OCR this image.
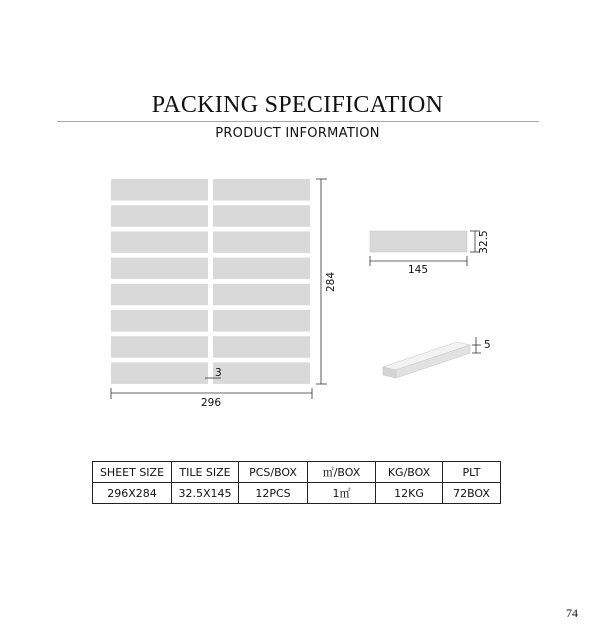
PACKING SPECIFICATION
PRODUCT INFORMATION
284
296
3
32.5
145
5
SHEET SIZE	TILE SIZE	PCS/BOX	㎡/BOX	KG/BOX	PLT
296X284	32.5X145	12PCS	1㎡	12KG	72BOX
74
